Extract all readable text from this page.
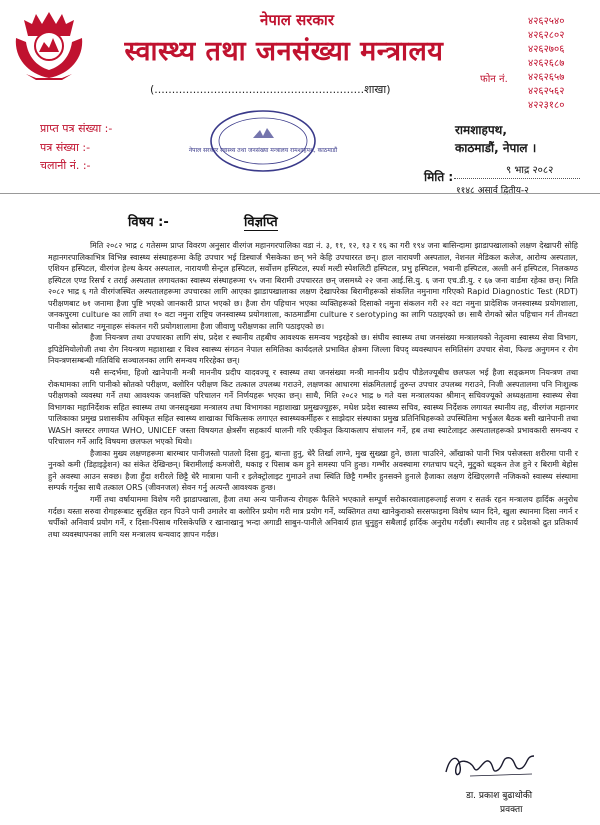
नेपाल सरकार
स्वास्थ्य तथा जनसंख्या मन्त्रालय
(............................................................शाखा)
४२६२५४०
४२६२८०२
४२६२७०६
४२६२६८७
४२६२६५७
४२६२५६२
४२२३१८०
फोन नं.
नेपाल सरकार स्वास्थ्य तथा जनसंख्या मन्त्रालय रामशाहपथ, काठमाडौं
प्राप्त पत्र संख्या :-
पत्र संख्या :-
चलानी नं. :-
रामशाहपथ,
काठमाडौं, नेपाल ।
मिति :	९ भाद्र २०८२
११४८ असार्व द्वितीय-२
विषय :-	विज्ञप्ति

मिति २०८२ भाद्र ८ गतेसम्म प्राप्त विवरण अनुसार वीरगंज महानगरपालिका वडा नं. ३, ११, १२, १३ र १६ का गरी १९४ जना बासिन्दामा झाडापखालाको लक्षण देखापरी सोहि महानगरपालिकाभित्र विभिन्न स्वास्थ्य संस्थाहरूमा केहि उपचार भई डिस्चार्ज भैसकेका छन् भने केहि उपचाररत छन्। हाल नारायणी अस्पताल, नेशनल मेडिकल कलेज, आरोग्य अस्पताल, एशियन हस्पिटल, वीरगंज हेल्थ केयर अस्पताल, नारायणी सेन्ट्रल हस्पिटल, सर्वोत्तम हस्पिटल, स्पर्श मल्टी स्पेशलिटी हस्पिटल, प्रभु हस्पिटल, भवानी हस्पिटल, अल्ती अर्न हस्पिटल, निलकण्ठ हस्पिटल एण्ड रिसर्च र तराई अस्पताल लगायतका स्वास्थ्य संस्थाहरूमा ९५ जना बिरामी उपचाररत छन् जसमध्ये २२ जना आई.सि.यु. ६ जना एच.डी.यु. र ६७ जना वार्डमा रहेका छन्। मिति २०८२ भाद्र ६ गते वीरगंजस्थित अस्पतालहरूमा उपचारका लागि आएका झाडापखालाका लक्षण देखापरेका बिरामीहरूको संकलित नमुनामा गरिएको Rapid Diagnostic Test (RDT) परीक्षणबाट ७१ जनामा हैजा पुष्टि भएको जानकारी प्राप्त भएको छ। हैजा रोग पहिचान भएका व्यक्तिहरूको दिसाको नमुना संकलन गरी २२ वटा नमुना प्रादेशिक जनस्वास्थ्य प्रयोगशाला, जनकपुरमा culture का लागि तथा १० वटा नमुना राष्ट्रिय जनस्वास्थ्य प्रयोगशाला, काठमाडौंमा culture र serotyping का लागि पठाइएको छ। साथै रोगको स्रोत पहिचान गर्न तीनवटा पानीका स्रोतबाट नमूनाहरू संकलन गरी प्रयोगशालामा हैजा जीवाणु परीक्षणका लागि पठाइएको छ।

हैजा नियन्त्रण तथा उपचारका लागि संघ, प्रदेश र स्थानीय तहबीच आवश्यक समन्वय भइरहेको छ। संघीय स्वास्थ्य तथा जनसंख्या मन्त्रालयको नेतृत्वमा स्वास्थ्य सेवा विभाग, इपिडेमियोलोजी तथा रोग नियन्त्रण महाशाखा र विश्व स्वास्थ्य संगठन नेपाल समितिका कार्यदलले प्रभावित क्षेत्रमा जिल्ला विपद् व्यवस्थापन समितिसंग उपचार सेवा, फिल्ड अनुगमन र रोग नियन्त्रणसम्बन्धी गतिविधि सञ्चालनका लागि समन्वय गरिरहेका छन्।

यसै सन्दर्भमा, हिजो खानेपानी मन्त्री माननीय प्रदीप यादवज्यू र स्वास्थ्य तथा जनसंख्या मन्त्री माननीय प्रदीप पौडेलज्यूबीच छलफल भई हैजा सङ्क्रमण नियन्त्रण तथा रोकथामका लागि पानीको स्रोतको परीक्षण, क्लोरिन परीक्षण किट तत्काल उपलब्ध गराउने, लक्षणका आधारमा संक्रमितलाई तुरुन्त उपचार उपलब्ध गराउने, निजी अस्पतालमा पनि निःशुल्क परीक्षणको व्यवस्था गर्ने तथा आवश्यक जनशक्ति परिचालन गर्ने निर्णयहरू भएका छन्। साथै, मिति २०८२ भाद्र ७ गते यस मन्त्रालयका श्रीमान् सचिवज्यूको अध्यक्षतामा स्वास्थ्य सेवा विभागका महानिर्देशक सहित स्वास्थ्य तथा जनसङ्ख्या मन्त्रालय तथा विभागका महाशाखा प्रमुखज्यूहरू, मधेश प्रदेश स्वास्थ्य सचिव, स्वास्थ्य निर्देशक लगायत स्थानीय तह, वीरगंज महानगर पालिकाका प्रमुख प्रशासकीय अधिकृत सहित स्वास्थ्य शाखाका चिकित्सक लगाएत स्वास्थ्यकर्मीहरू र साझेदार संस्थाका प्रमुख प्रतिनिधिहरूको उपस्थितिमा भर्चुअल बैठक बसी खानेपानी तथा WASH क्लस्टर लगायत WHO, UNICEF जस्ता विषयगत क्षेत्रसँग सहकार्य थालनी गरि एकीकृत कियाकलाप संचालन गर्ने, हब तथा स्याटेलाइट अस्पतालहरूको प्रभावकारी समन्वय र परिचालन गर्ने आदि विषयमा छलफल भएको थियो।

हैजाका मुख्य लक्षणहरूमा बारम्बार पानीजस्तो पातलो दिसा हुनु, बान्ता हुनु, धेरै तिर्खा लाग्ने, मुख सुख्खा हुने, छाला चाउरिने, आँखाको पानी भित्र पसेजस्ता शरीरमा पानी र नुनको कमी (डिहाइड्रेशन) का संकेत देखिन्छन्। बिरामीलाई कमजोरी, थकाइ र पिसाब कम हुने समस्या पनि हुन्छ। गम्भीर अवस्थामा रगतचाप घट्ने, मुटुको धड्कन तेज हुने र बिरामी बेहोस हुने अवस्था आउन सक्छ। हैजा हुँदा शरीरले छिट्टै धेरै मात्रामा पानी र इलेक्ट्रोलाइट गुमाउने तथा स्थिति छिट्टै गम्भीर हुनसक्ने हुनाले हैजाका लक्षण देखिएलगत्तै नजिकको स्वास्थ्य संस्थामा सम्पर्क गर्नुका साथै तत्काल ORS (जीवनजल) सेवन गर्नु अत्यन्तै आवश्यक हुन्छ।

गर्मी तथा वर्षायाममा विशेष गरी झाडापखाला, हैजा तथा अन्य पानीजन्य रोगहरू फैलिने भएकाले सम्पूर्ण सरोकारवालाहरूलाई सजग र सतर्क रहन मन्त्रालय हार्दिक अनुरोध गर्दछ। यस्ता सरुवा रोगहरूबाट सुरक्षित रहन पिउने पानी उमालेर वा क्लोरिन प्रयोग गरी मात्र प्रयोग गर्ने, व्यक्तिगत तथा खानेकुराको सरसफाइमा विशेष ध्यान दिने, खुला स्थानमा दिसा नगर्न र चर्पीको अनिवार्य प्रयोग गर्ने, र दिसा-पिसाब गरिसकेपछि र खानाखानु भन्दा अगाडी साबुन-पानीले अनिवार्य हात धुनुहुन सबैलाई हार्दिक अनुरोध गर्दछौं। स्थानीय तह र प्रदेशको द्रुत प्रतिकार्य तथा व्यवस्थापनका लागि यस मन्त्रालय धन्यवाद ज्ञापन गर्दछ।

डा. प्रकाश बुढाथोकी
प्रवक्ता
